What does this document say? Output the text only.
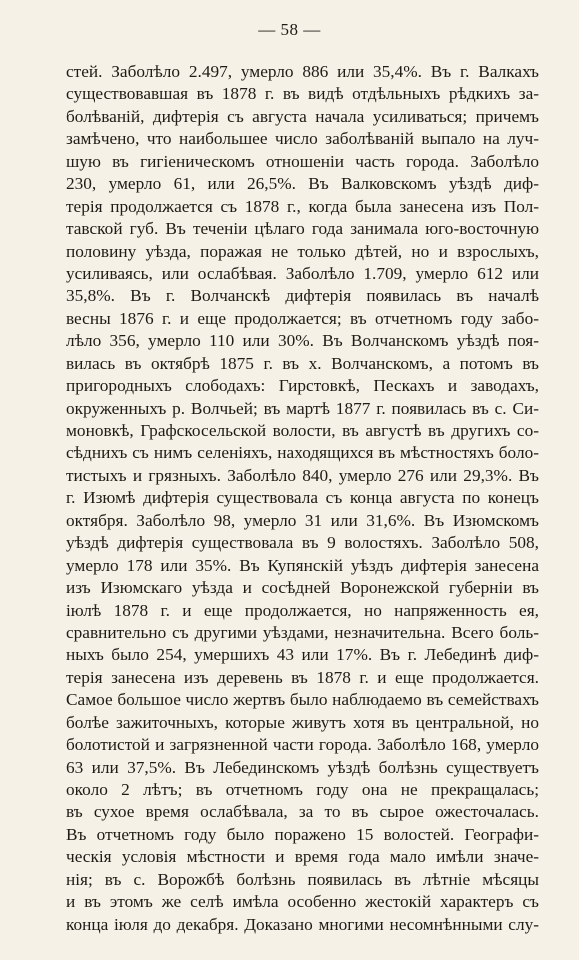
— 58 —
стей. Заболѣло 2.497, умерло 886 или 35,4%. Въ г. Валкахъ
существовавшая въ 1878 г. въ видѣ отдѣльныхъ рѣдкихъ за-
болѣваній, дифтерія съ августа начала усиливаться; причемъ
замѣчено, что наибольшее число заболѣваній выпало на луч-
шую въ гигіеническомъ отношеніи часть города. Заболѣло
230, умерло 61, или 26,5%. Въ Валковскомъ уѣздѣ диф-
терія продолжается съ 1878 г., когда была занесена изъ Пол-
тавской губ. Въ теченіи цѣлаго года занимала юго-восточную
половину уѣзда, поражая не только дѣтей, но и взрослыхъ,
усиливаясь, или ослабѣвая. Заболѣло 1.709, умерло 612 или
35,8%. Въ г. Волчанскѣ дифтерія появилась въ началѣ
весны 1876 г. и еще продолжается; въ отчетномъ году забо-
лѣло 356, умерло 110 или 30%. Въ Волчанскомъ уѣздѣ поя-
вилась въ октябрѣ 1875 г. въ х. Волчанскомъ, а потомъ въ
пригородныхъ слободахъ: Гирстовкѣ, Пескахъ и заводахъ,
окруженныхъ р. Волчьей; въ мартѣ 1877 г. появилась въ с. Си-
моновкѣ, Графскосельской волости, въ августѣ въ другихъ со-
сѣднихъ съ нимъ селеніяхъ, находящихся въ мѣстностяхъ боло-
тистыхъ и грязныхъ. Заболѣло 840, умерло 276 или 29,3%. Въ
г. Изюмѣ дифтерія существовала съ конца августа по конецъ
октября. Заболѣло 98, умерло 31 или 31,6%. Въ Изюмскомъ
уѣздѣ дифтерія существовала въ 9 волостяхъ. Заболѣло 508,
умерло 178 или 35%. Въ Купянскій уѣздъ дифтерія занесена
изъ Изюмскаго уѣзда и сосѣдней Воронежской губерніи въ
іюлѣ 1878 г. и еще продолжается, но напряженность ея,
сравнительно съ другими уѣздами, незначительна. Всего боль-
ныхъ было 254, умершихъ 43 или 17%. Въ г. Лебединѣ диф-
терія занесена изъ деревень въ 1878 г. и еще продолжается.
Самое большое число жертвъ было наблюдаемо въ семействахъ
болѣе зажиточныхъ, которые живутъ хотя въ центральной, но
болотистой и загрязненной части города. Заболѣло 168, умерло
63 или 37,5%. Въ Лебединскомъ уѣздѣ болѣзнь существуетъ
около 2 лѣтъ; въ отчетномъ году она не прекращалась;
въ сухое время ослабѣвала, за то въ сырое ожесточалась.
Въ отчетномъ году было поражено 15 волостей. Географи-
ческія условія мѣстности и время года мало имѣли значе-
нія; въ с. Ворожбѣ болѣзнь появилась въ лѣтніе мѣсяцы
и въ этомъ же селѣ имѣла особенно жестокій характеръ съ
конца іюля до декабря. Доказано многими несомнѣнными слу-
